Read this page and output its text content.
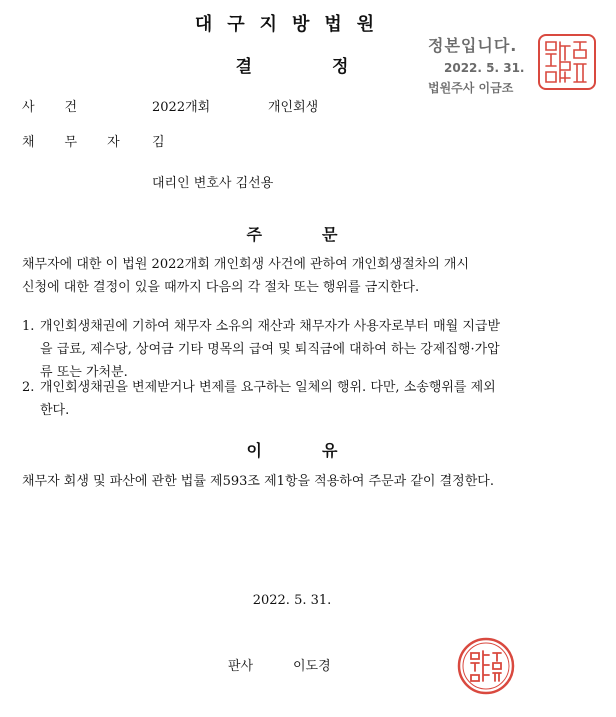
대구지방법원
결	정
정본입니다.
2022. 5. 31.
법원주사 이금조
사건	2022개회	개인회생
채무자 김
대리인 변호사 김선용
주	문
채무자에 대한 이 법원 2022개회 개인회생 사건에 관하여 개인회생절차의 개시
신청에 대한 결정이 있을 때까지 다음의 각 절차 또는 행위를 금지한다.
1. 개인회생채권에 기하여 채무자 소유의 재산과 채무자가 사용자로부터 매월 지급받
을 급료, 제수당, 상여금 기타 명목의 급여 및 퇴직금에 대하여 하는 강제집행·가압
류 또는 가처분.
2. 개인회생채권을 변제받거나 변제를 요구하는 일체의 행위. 다만, 소송행위를 제외
한다.
이	유
채무자 회생 및 파산에 관한 법률 제593조 제1항을 적용하여 주문과 같이 결정한다.
2022. 5. 31.
판사	이도경
